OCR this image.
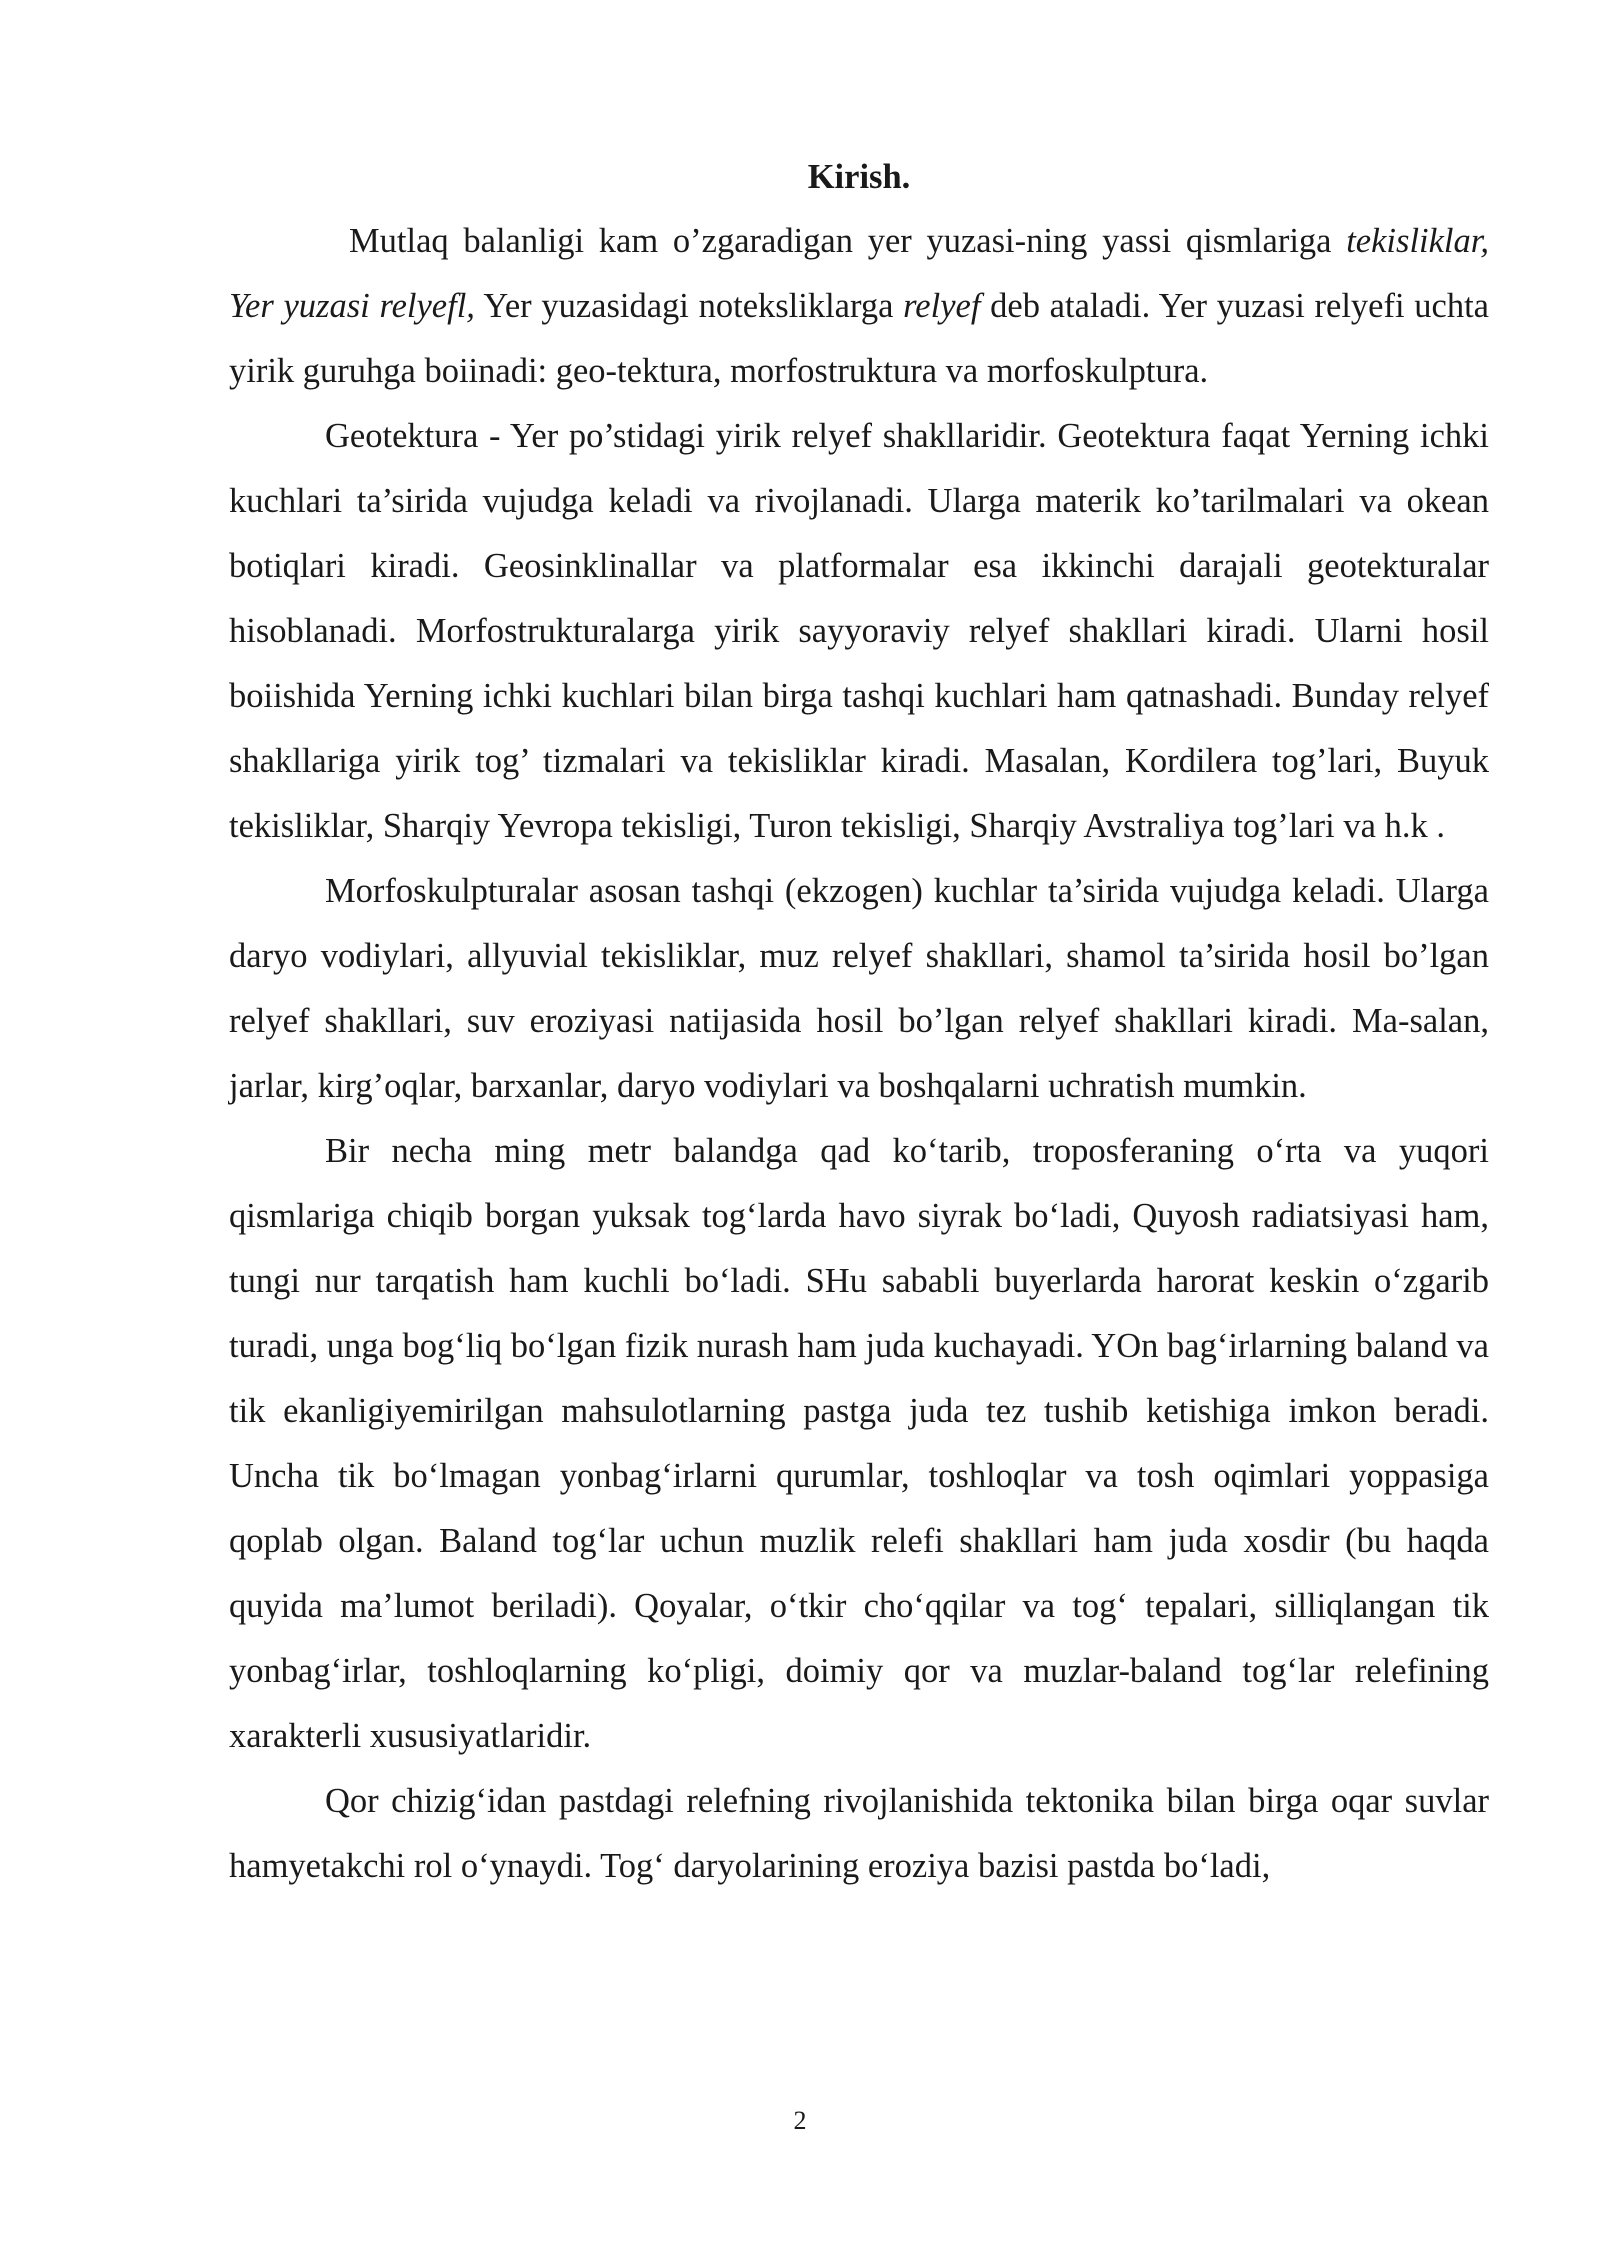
Kirish.

Mutlaq balanligi kam o’zgaradigan yer yuzasi-ning yassi qismlariga tekisliklar, Yer yuzasi relyefl, Yer yuzasidagi noteksliklarga relyef deb ataladi. Yer yuzasi relyefi uchta yirik guruhga boiinadi: geo-tektura, morfostruktura va morfoskulptura.

Geotektura - Yer po’stidagi yirik relyef shakllaridir. Geotektura faqat Yerning ichki kuchlari ta’sirida vujudga keladi va rivojlanadi. Ularga materik ko’tarilmalari va okean botiqlari kiradi. Geosinklinallar va platformalar esa ikkinchi darajali geotekturalar hisoblanadi. Morfostrukturalarga yirik sayyoraviy relyef shakllari kiradi. Ularni hosil boiishida Yerning ichki kuchlari bilan birga tashqi kuchlari ham qatnashadi. Bunday relyef shakllariga yirik tog’ tizmalari va tekisliklar kiradi. Masalan, Kordilera tog’lari, Buyuk tekisliklar, Sharqiy Yevropa tekisligi, Turon tekisligi, Sharqiy Avstraliya tog’lari va h.k .

Morfoskulpturalar asosan tashqi (ekzogen) kuchlar ta’sirida vujudga keladi. Ularga daryo vodiylari, allyuvial tekisliklar, muz relyef shakllari, shamol ta’sirida hosil bo’lgan relyef shakllari, suv eroziyasi natijasida hosil bo’lgan relyef shakllari kiradi. Ma-salan, jarlar, kirg’oqlar, barxanlar, daryo vodiylari va boshqalarni uchratish mumkin.

Bir necha ming metr balandga qad ko‘tarib, troposferaning o‘rta va yuqori qismlariga chiqib borgan yuksak tog‘larda havo siyrak bo‘ladi, Quyosh radiatsiyasi ham, tungi nur tarqatish ham kuchli bo‘ladi. SHu sababli buyerlarda harorat keskin o‘zgarib turadi, unga bog‘liq bo‘lgan fizik nurash ham juda kuchayadi. YOn bag‘irlarning baland va tik ekanligiyemirilgan mahsulotlarning pastga juda tez tushib ketishiga imkon beradi. Uncha tik bo‘lmagan yonbag‘irlarni qurumlar, toshloqlar va tosh oqimlari yoppasiga qoplab olgan. Baland tog‘lar uchun muzlik relefi shakllari ham juda xosdir (bu haqda quyida ma’lumot beriladi). Qoyalar, o‘tkir cho‘qqilar va tog‘ tepalari, silliqlangan tik yonbag‘irlar, toshloqlarning ko‘pligi, doimiy qor va muzlar-baland tog‘lar relefining xarakterli xususiyatlaridir.

Qor chizig‘idan pastdagi relefning rivojlanishida tektonika bilan birga oqar suvlar hamyetakchi rol o‘ynaydi. Tog‘ daryolarining eroziya bazisi pastda bo‘ladi,

2
